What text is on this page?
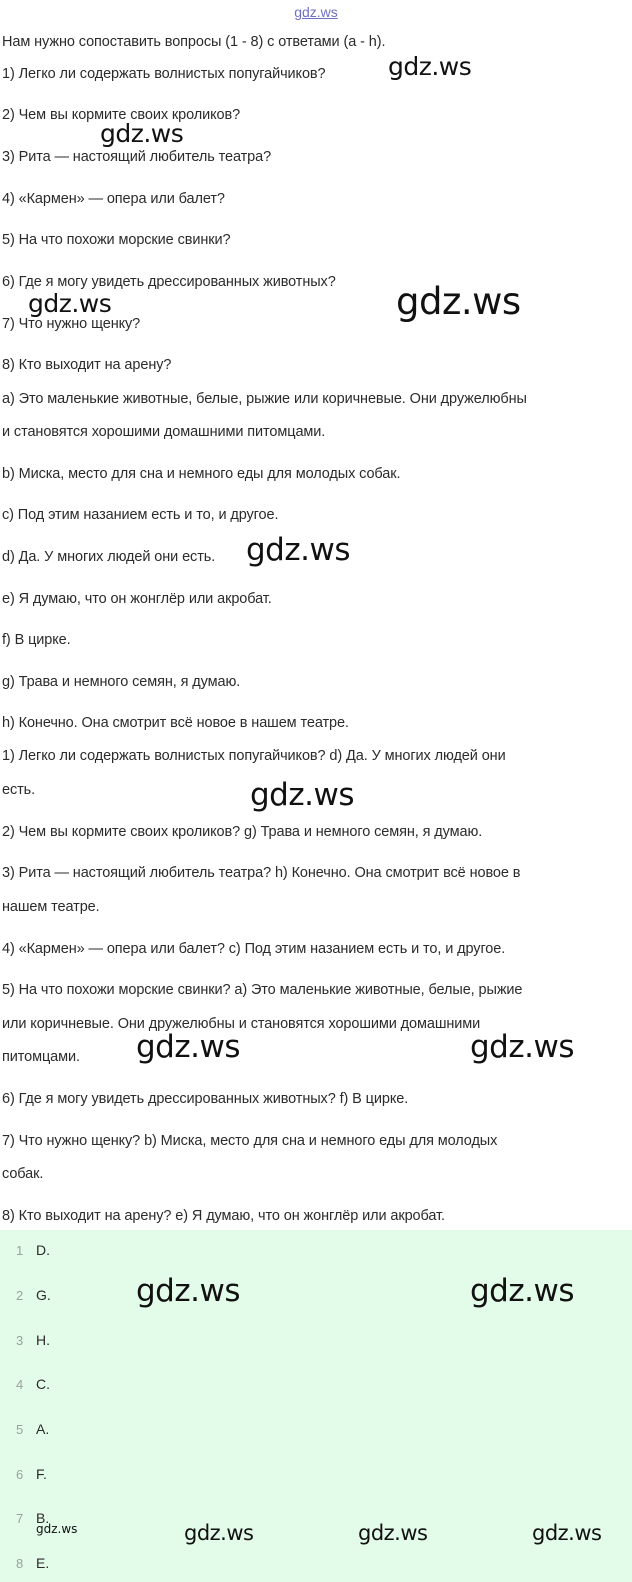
gdz.ws

Нам нужно сопоставить вопросы (1 - 8) с ответами (a - h).

1) Легко ли содержать волнистых попугайчиков?

2) Чем вы кормите своих кроликов?

3) Рита — настоящий любитель театра?

4) «Кармен» — опера или балет?

5) На что похожи морские свинки?

6) Где я могу увидеть дрессированных животных?

7) Что нужно щенку?

8) Кто выходит на арену?

a) Это маленькие животные, белые, рыжие или коричневые. Они дружелюбны

и становятся хорошими домашними питомцами.

b) Миска, место для сна и немного еды для молодых собак.

c) Под этим назанием есть и то, и другое.

d) Да. У многих людей они есть.

e) Я думаю, что он жонглёр или акробат.

f) В цирке.

g) Трава и немного семян, я думаю.

h) Конечно. Она смотрит всё новое в нашем театре.

1) Легко ли содержать волнистых попугайчиков? d) Да. У многих людей они

есть.

2) Чем вы кормите своих кроликов? g) Трава и немного семян, я думаю.

3) Рита — настоящий любитель театра? h) Конечно. Она смотрит всё новое в

нашем театре.

4) «Кармен» — опера или балет? c) Под этим назанием есть и то, и другое.

5) На что похожи морские свинки? a) Это маленькие животные, белые, рыжие

или коричневые. Они дружелюбны и становятся хорошими домашними

питомцами.

6) Где я могу увидеть дрессированных животных? f) В цирке.

7) Что нужно щенку? b) Миска, место для сна и немного еды для молодых

собак.

8) Кто выходит на арену? e) Я думаю, что он жонглёр или акробат.

1 D.
2 G.
3 H.
4 C.
5 A.
6 F.
7 B.
8 E.
gdz.ws
gdz.ws
gdz.ws	gdz.ws
gdz.ws
gdz.ws
gdz.ws	gdz.ws
gdz.ws	gdz.ws
gdz.ws	gdz.ws	gdz.ws	gdz.ws
